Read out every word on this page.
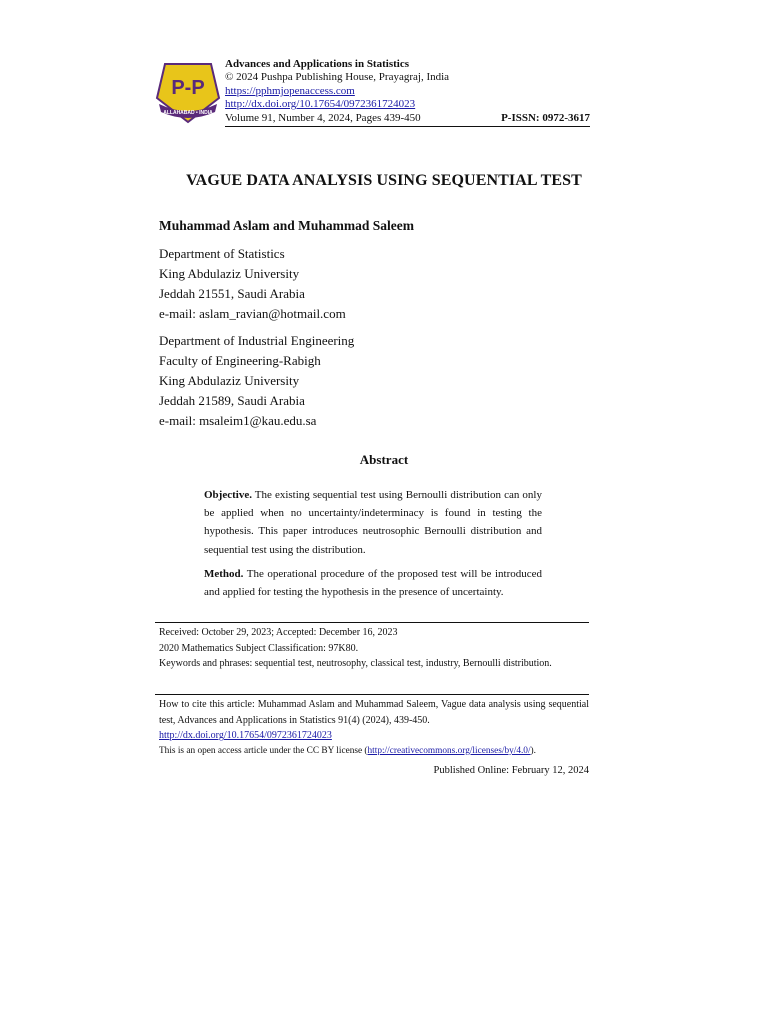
P-P
ALLAHABAD • INDIA
Advances and Applications in Statistics
© 2024 Pushpa Publishing House, Prayagraj, India
https://pphmjopenaccess.com
http://dx.doi.org/10.17654/0972361724023
Volume 91, Number 4, 2024, Pages 439-450	P-ISSN: 0972-3617
VAGUE DATA ANALYSIS USING SEQUENTIAL TEST
Muhammad Aslam and Muhammad Saleem
Department of Statistics
King Abdulaziz University
Jeddah 21551, Saudi Arabia
e-mail: aslam_ravian@hotmail.com
Department of Industrial Engineering
Faculty of Engineering-Rabigh
King Abdulaziz University
Jeddah 21589, Saudi Arabia
e-mail: msaleim1@kau.edu.sa
Abstract
Objective. The existing sequential test using Bernoulli distribution can only be applied when no uncertainty/indeterminacy is found in testing the hypothesis. This paper introduces neutrosophic Bernoulli distribution and sequential test using the distribution.
Method. The operational procedure of the proposed test will be introduced and applied for testing the hypothesis in the presence of uncertainty.
Received: October 29, 2023; Accepted: December 16, 2023
2020 Mathematics Subject Classification: 97K80.
Keywords and phrases: sequential test, neutrosophy, classical test, industry, Bernoulli distribution.
How to cite this article: Muhammad Aslam and Muhammad Saleem, Vague data analysis using sequential test, Advances and Applications in Statistics 91(4) (2024), 439-450.
http://dx.doi.org/10.17654/0972361724023
This is an open access article under the CC BY license (http://creativecommons.org/licenses/by/4.0/).
Published Online: February 12, 2024
